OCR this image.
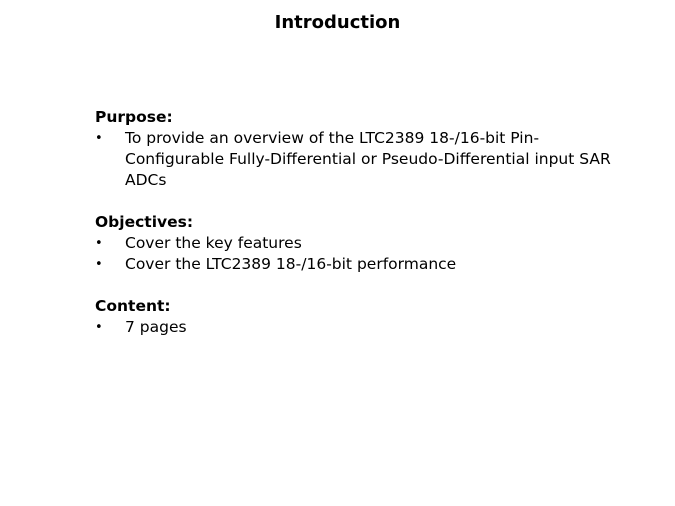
Introduction

Purpose:

• To provide an overview of the LTC2389 18-/16-bit Pin-Configurable Fully-Differential or Pseudo-Differential input SAR ADCs

Objectives:

• Cover the key features
• Cover the LTC2389 18-/16-bit performance

Content:

• 7 pages
